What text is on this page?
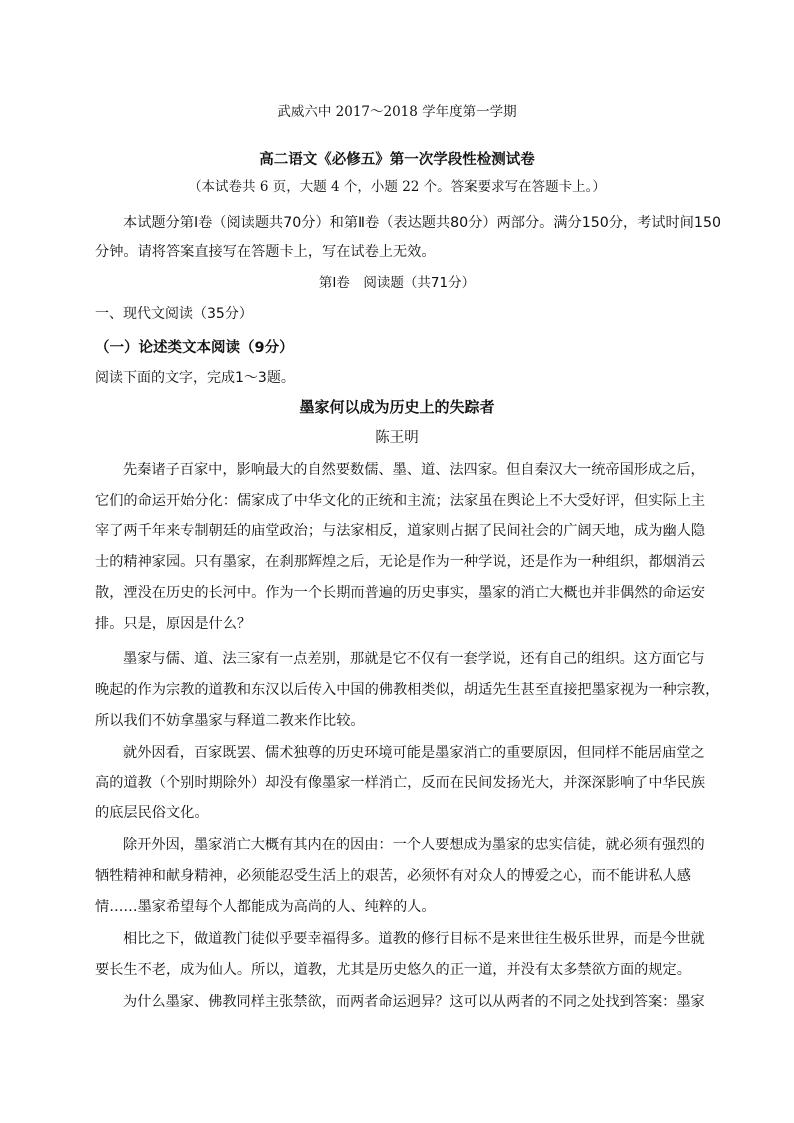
武威六中 2017～2018 学年度第一学期
高二语文《必修五》第一次学段性检测试卷
（本试卷共 6 页，大题 4 个，小题 22 个。答案要求写在答题卡上。）
本试题分第Ⅰ卷（阅读题共70分）和第Ⅱ卷（表达题共80分）两部分。满分150分，考试时间150
分钟。请将答案直接写在答题卡上，写在试卷上无效。
第Ⅰ卷　阅读题（共71分）
一、现代文阅读（35分）
（一）论述类文本阅读（9分）
阅读下面的文字，完成1～3题。
墨家何以成为历史上的失踪者
陈王明
先秦诸子百家中，影响最大的自然要数儒、墨、道、法四家。但自秦汉大一统帝国形成之后，
它们的命运开始分化：儒家成了中华文化的正统和主流；法家虽在舆论上不大受好评，但实际上主
宰了两千年来专制朝廷的庙堂政治；与法家相反，道家则占据了民间社会的广阔天地，成为幽人隐
士的精神家园。只有墨家，在刹那辉煌之后，无论是作为一种学说，还是作为一种组织，都烟消云
散，湮没在历史的长河中。作为一个长期而普遍的历史事实，墨家的消亡大概也并非偶然的命运安
排。只是，原因是什么？
墨家与儒、道、法三家有一点差别，那就是它不仅有一套学说，还有自己的组织。这方面它与
晚起的作为宗教的道教和东汉以后传入中国的佛教相类似，胡适先生甚至直接把墨家视为一种宗教，
所以我们不妨拿墨家与释道二教来作比较。
就外因看，百家既罢、儒术独尊的历史环境可能是墨家消亡的重要原因，但同样不能居庙堂之
高的道教（个别时期除外）却没有像墨家一样消亡，反而在民间发扬光大，并深深影响了中华民族
的底层民俗文化。
除开外因，墨家消亡大概有其内在的因由：一个人要想成为墨家的忠实信徒，就必须有强烈的
牺牲精神和献身精神，必须能忍受生活上的艰苦，必须怀有对众人的博爱之心，而不能讲私人感
情……墨家希望每个人都能成为高尚的人、纯粹的人。
相比之下，做道教门徒似乎要幸福得多。道教的修行目标不是来世往生极乐世界，而是今世就
要长生不老，成为仙人。所以，道教，尤其是历史悠久的正一道，并没有太多禁欲方面的规定。
为什么墨家、佛教同样主张禁欲，而两者命运迥异？这可以从两者的不同之处找到答案：墨家
